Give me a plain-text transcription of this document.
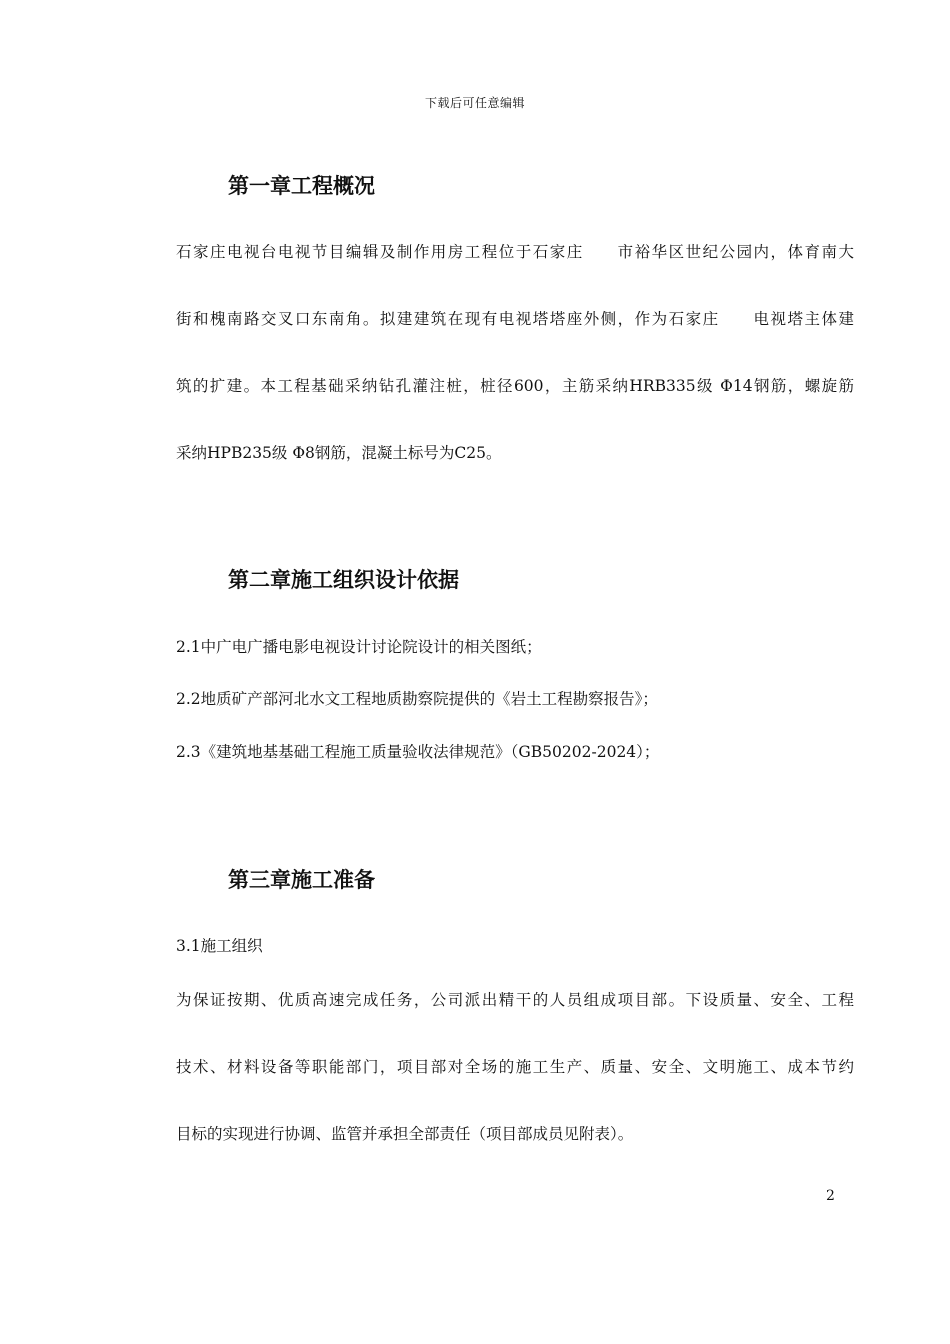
下载后可任意编辑
第一章工程概况
石家庄电视台电视节目编辑及制作用房工程位于石家庄　　市裕华区世纪公园内，体育南大
街和槐南路交叉口东南角。拟建建筑在现有电视塔塔座外侧，作为石家庄　　电视塔主体建
筑的扩建。本工程基础采纳钻孔灌注桩，桩径600，主筋采纳HRB335级 Φ14钢筋，螺旋筋
采纳HPB235级 Φ8钢筋，混凝土标号为C25。
第二章施工组织设计依据
2.1中广电广播电影电视设计讨论院设计的相关图纸；
2.2地质矿产部河北水文工程地质勘察院提供的《岩土工程勘察报告》；
2.3《建筑地基基础工程施工质量验收法律规范》（GB50202-2024）；
第三章施工准备
3.1施工组织
为保证按期、优质高速完成任务，公司派出精干的人员组成项目部。下设质量、安全、工程
技术、材料设备等职能部门，项目部对全场的施工生产、质量、安全、文明施工、成本节约
目标的实现进行协调、监管并承担全部责任（项目部成员见附表）。
2
